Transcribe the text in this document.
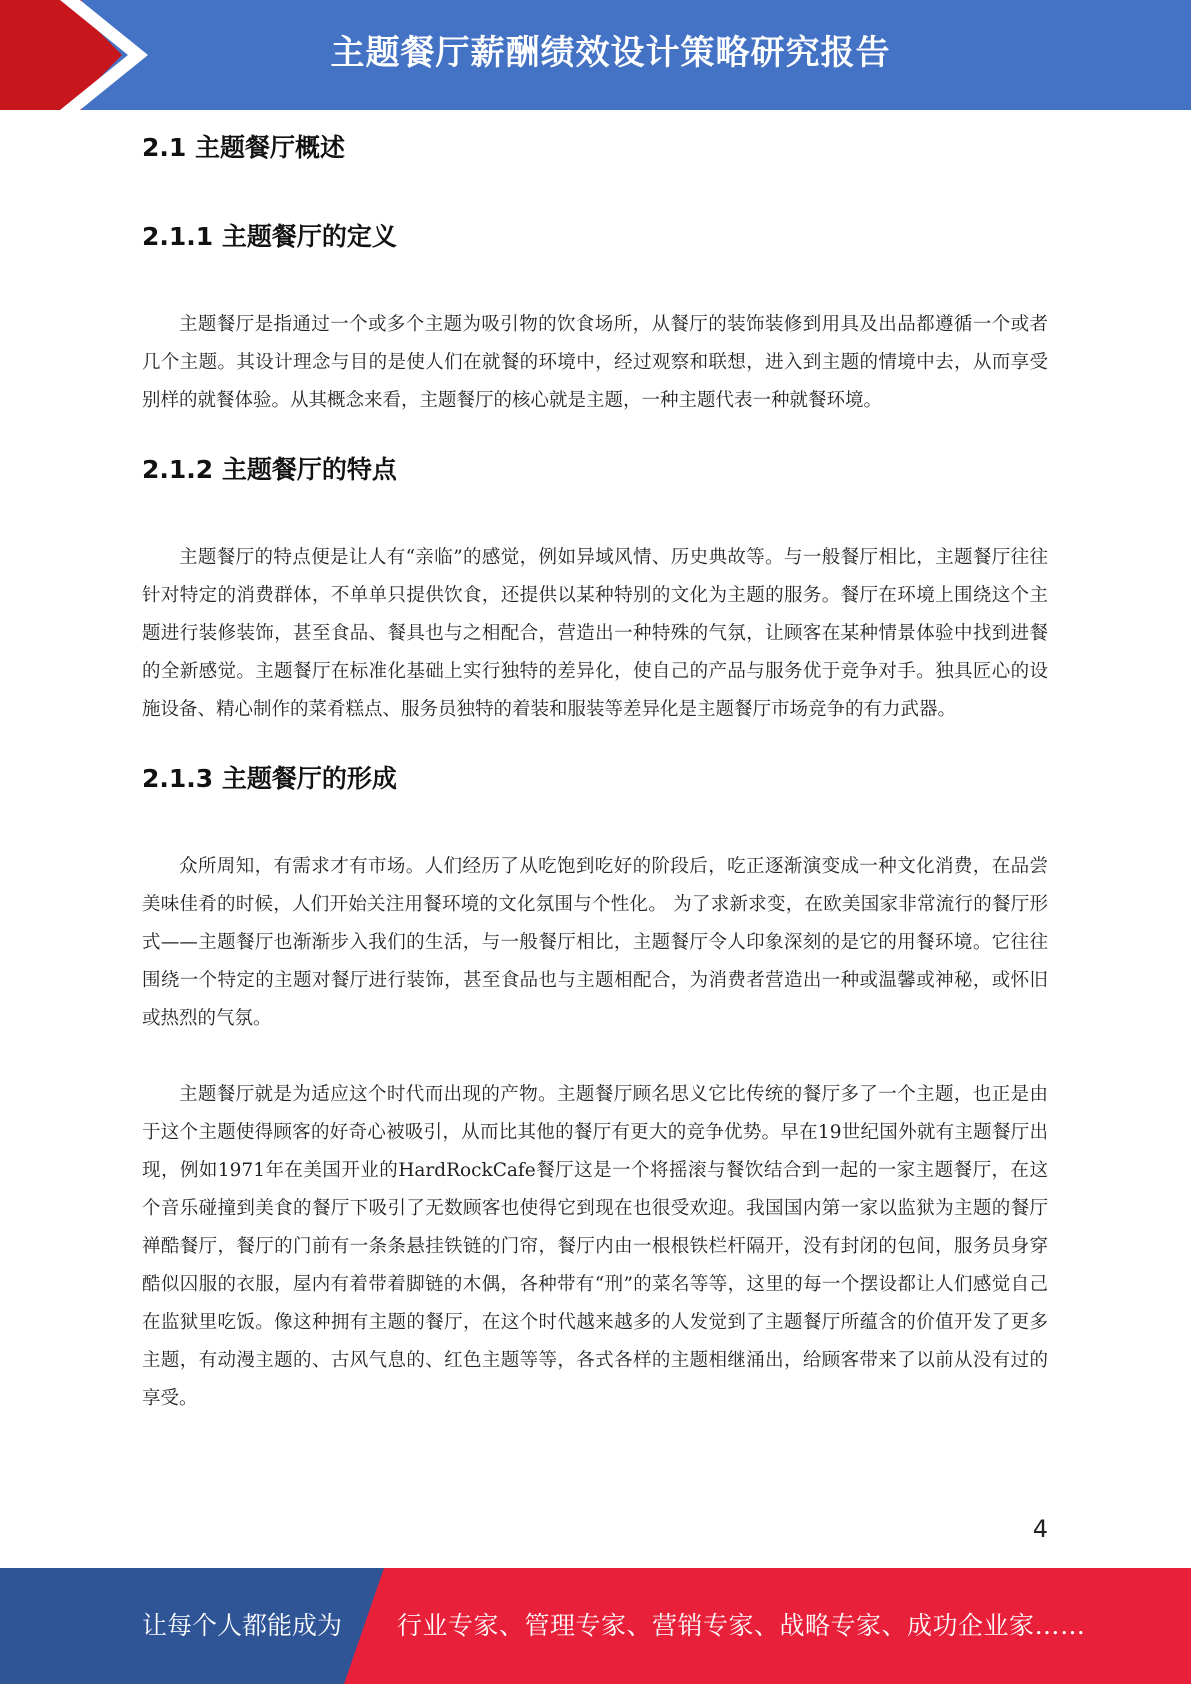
主题餐厅薪酬绩效设计策略研究报告
2.1 主题餐厅概述
2.1.1 主题餐厅的定义

主题餐厅是指通过一个或多个主题为吸引物的饮食场所，从餐厅的装饰装修到用具及出品都遵循一个或者几个主题。其设计理念与目的是使人们在就餐的环境中，经过观察和联想，进入到主题的情境中去，从而享受别样的就餐体验。从其概念来看，主题餐厅的核心就是主题，一种主题代表一种就餐环境。

2.1.2 主题餐厅的特点

主题餐厅的特点便是让人有“亲临”的感觉，例如异域风情、历史典故等。与一般餐厅相比，主题餐厅往往针对特定的消费群体，不单单只提供饮食，还提供以某种特别的文化为主题的服务。餐厅在环境上围绕这个主题进行装修装饰，甚至食品、餐具也与之相配合，营造出一种特殊的气氛，让顾客在某种情景体验中找到进餐的全新感觉。主题餐厅在标准化基础上实行独特的差异化，使自己的产品与服务优于竞争对手。独具匠心的设施设备、精心制作的菜肴糕点、服务员独特的着装和服装等差异化是主题餐厅市场竞争的有力武器。

2.1.3 主题餐厅的形成

众所周知，有需求才有市场。人们经历了从吃饱到吃好的阶段后，吃正逐渐演变成一种文化消费，在品尝美味佳肴的时候，人们开始关注用餐环境的文化氛围与个性化。 为了求新求变，在欧美国家非常流行的餐厅形式——主题餐厅也渐渐步入我们的生活，与一般餐厅相比，主题餐厅令人印象深刻的是它的用餐环境。它往往围绕一个特定的主题对餐厅进行装饰，甚至食品也与主题相配合，为消费者营造出一种或温馨或神秘，或怀旧或热烈的气氛。

主题餐厅就是为适应这个时代而出现的产物。主题餐厅顾名思义它比传统的餐厅多了一个主题，也正是由于这个主题使得顾客的好奇心被吸引，从而比其他的餐厅有更大的竞争优势。早在19世纪国外就有主题餐厅出现，例如1971年在美国开业的HardRockCafe餐厅这是一个将摇滚与餐饮结合到一起的一家主题餐厅，在这个音乐碰撞到美食的餐厅下吸引了无数顾客也使得它到现在也很受欢迎。我国国内第一家以监狱为主题的餐厅禅酷餐厅，餐厅的门前有一条条悬挂铁链的门帘，餐厅内由一根根铁栏杆隔开，没有封闭的包间，服务员身穿酷似囚服的衣服，屋内有着带着脚链的木偶，各种带有“刑”的菜名等等，这里的每一个摆设都让人们感觉自己在监狱里吃饭。像这种拥有主题的餐厅，在这个时代越来越多的人发觉到了主题餐厅所蕴含的价值开发了更多主题，有动漫主题的、古风气息的、红色主题等等，各式各样的主题相继涌出，给顾客带来了以前从没有过的享受。

4
让每个人都能成为 行业专家、管理专家、营销专家、战略专家、成功企业家……
